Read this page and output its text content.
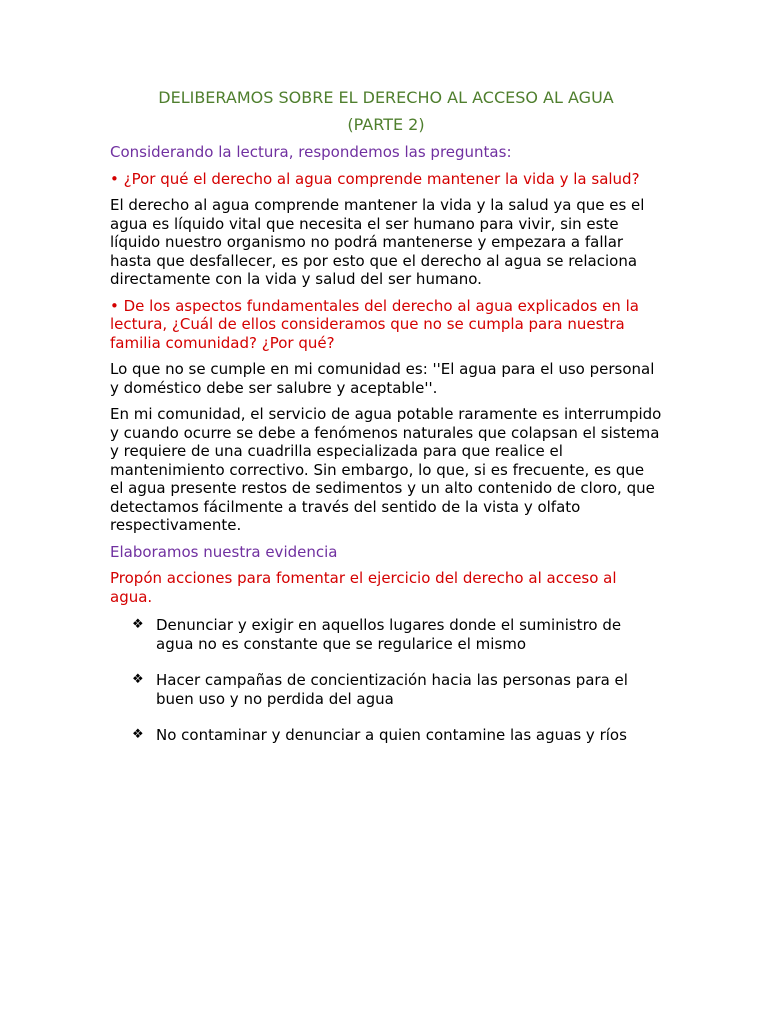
DELIBERAMOS SOBRE EL DERECHO AL ACCESO AL AGUA
(PARTE 2)

Considerando la lectura, respondemos las preguntas:

• ¿Por qué el derecho al agua comprende mantener la vida y la salud?

El derecho al agua comprende mantener la vida y la salud ya que es el agua es líquido vital que necesita el ser humano para vivir, sin este líquido nuestro organismo no podrá mantenerse y empezara a fallar hasta que desfallecer, es por esto que el derecho al agua se relaciona directamente con la vida y salud del ser humano.

• De los aspectos fundamentales del derecho al agua explicados en la lectura, ¿Cuál de ellos consideramos que no se cumpla para nuestra familia comunidad? ¿Por qué?

Lo que no se cumple en mi comunidad es: ''El agua para el uso personal y doméstico debe ser salubre y aceptable''.

En mi comunidad, el servicio de agua potable raramente es interrumpido y cuando ocurre se debe a fenómenos naturales que colapsan el sistema y requiere de una cuadrilla especializada para que realice el mantenimiento correctivo. Sin embargo, lo que, si es frecuente, es que el agua presente restos de sedimentos y un alto contenido de cloro, que detectamos fácilmente a través del sentido de la vista y olfato respectivamente.

Elaboramos nuestra evidencia

Propón acciones para fomentar el ejercicio del derecho al acceso al agua.

❖ Denunciar y exigir en aquellos lugares donde el suministro de agua no es constante que se regularice el mismo
❖ Hacer campañas de concientización hacia las personas para el buen uso y no perdida del agua
❖ No contaminar y denunciar a quien contamine las aguas y ríos
